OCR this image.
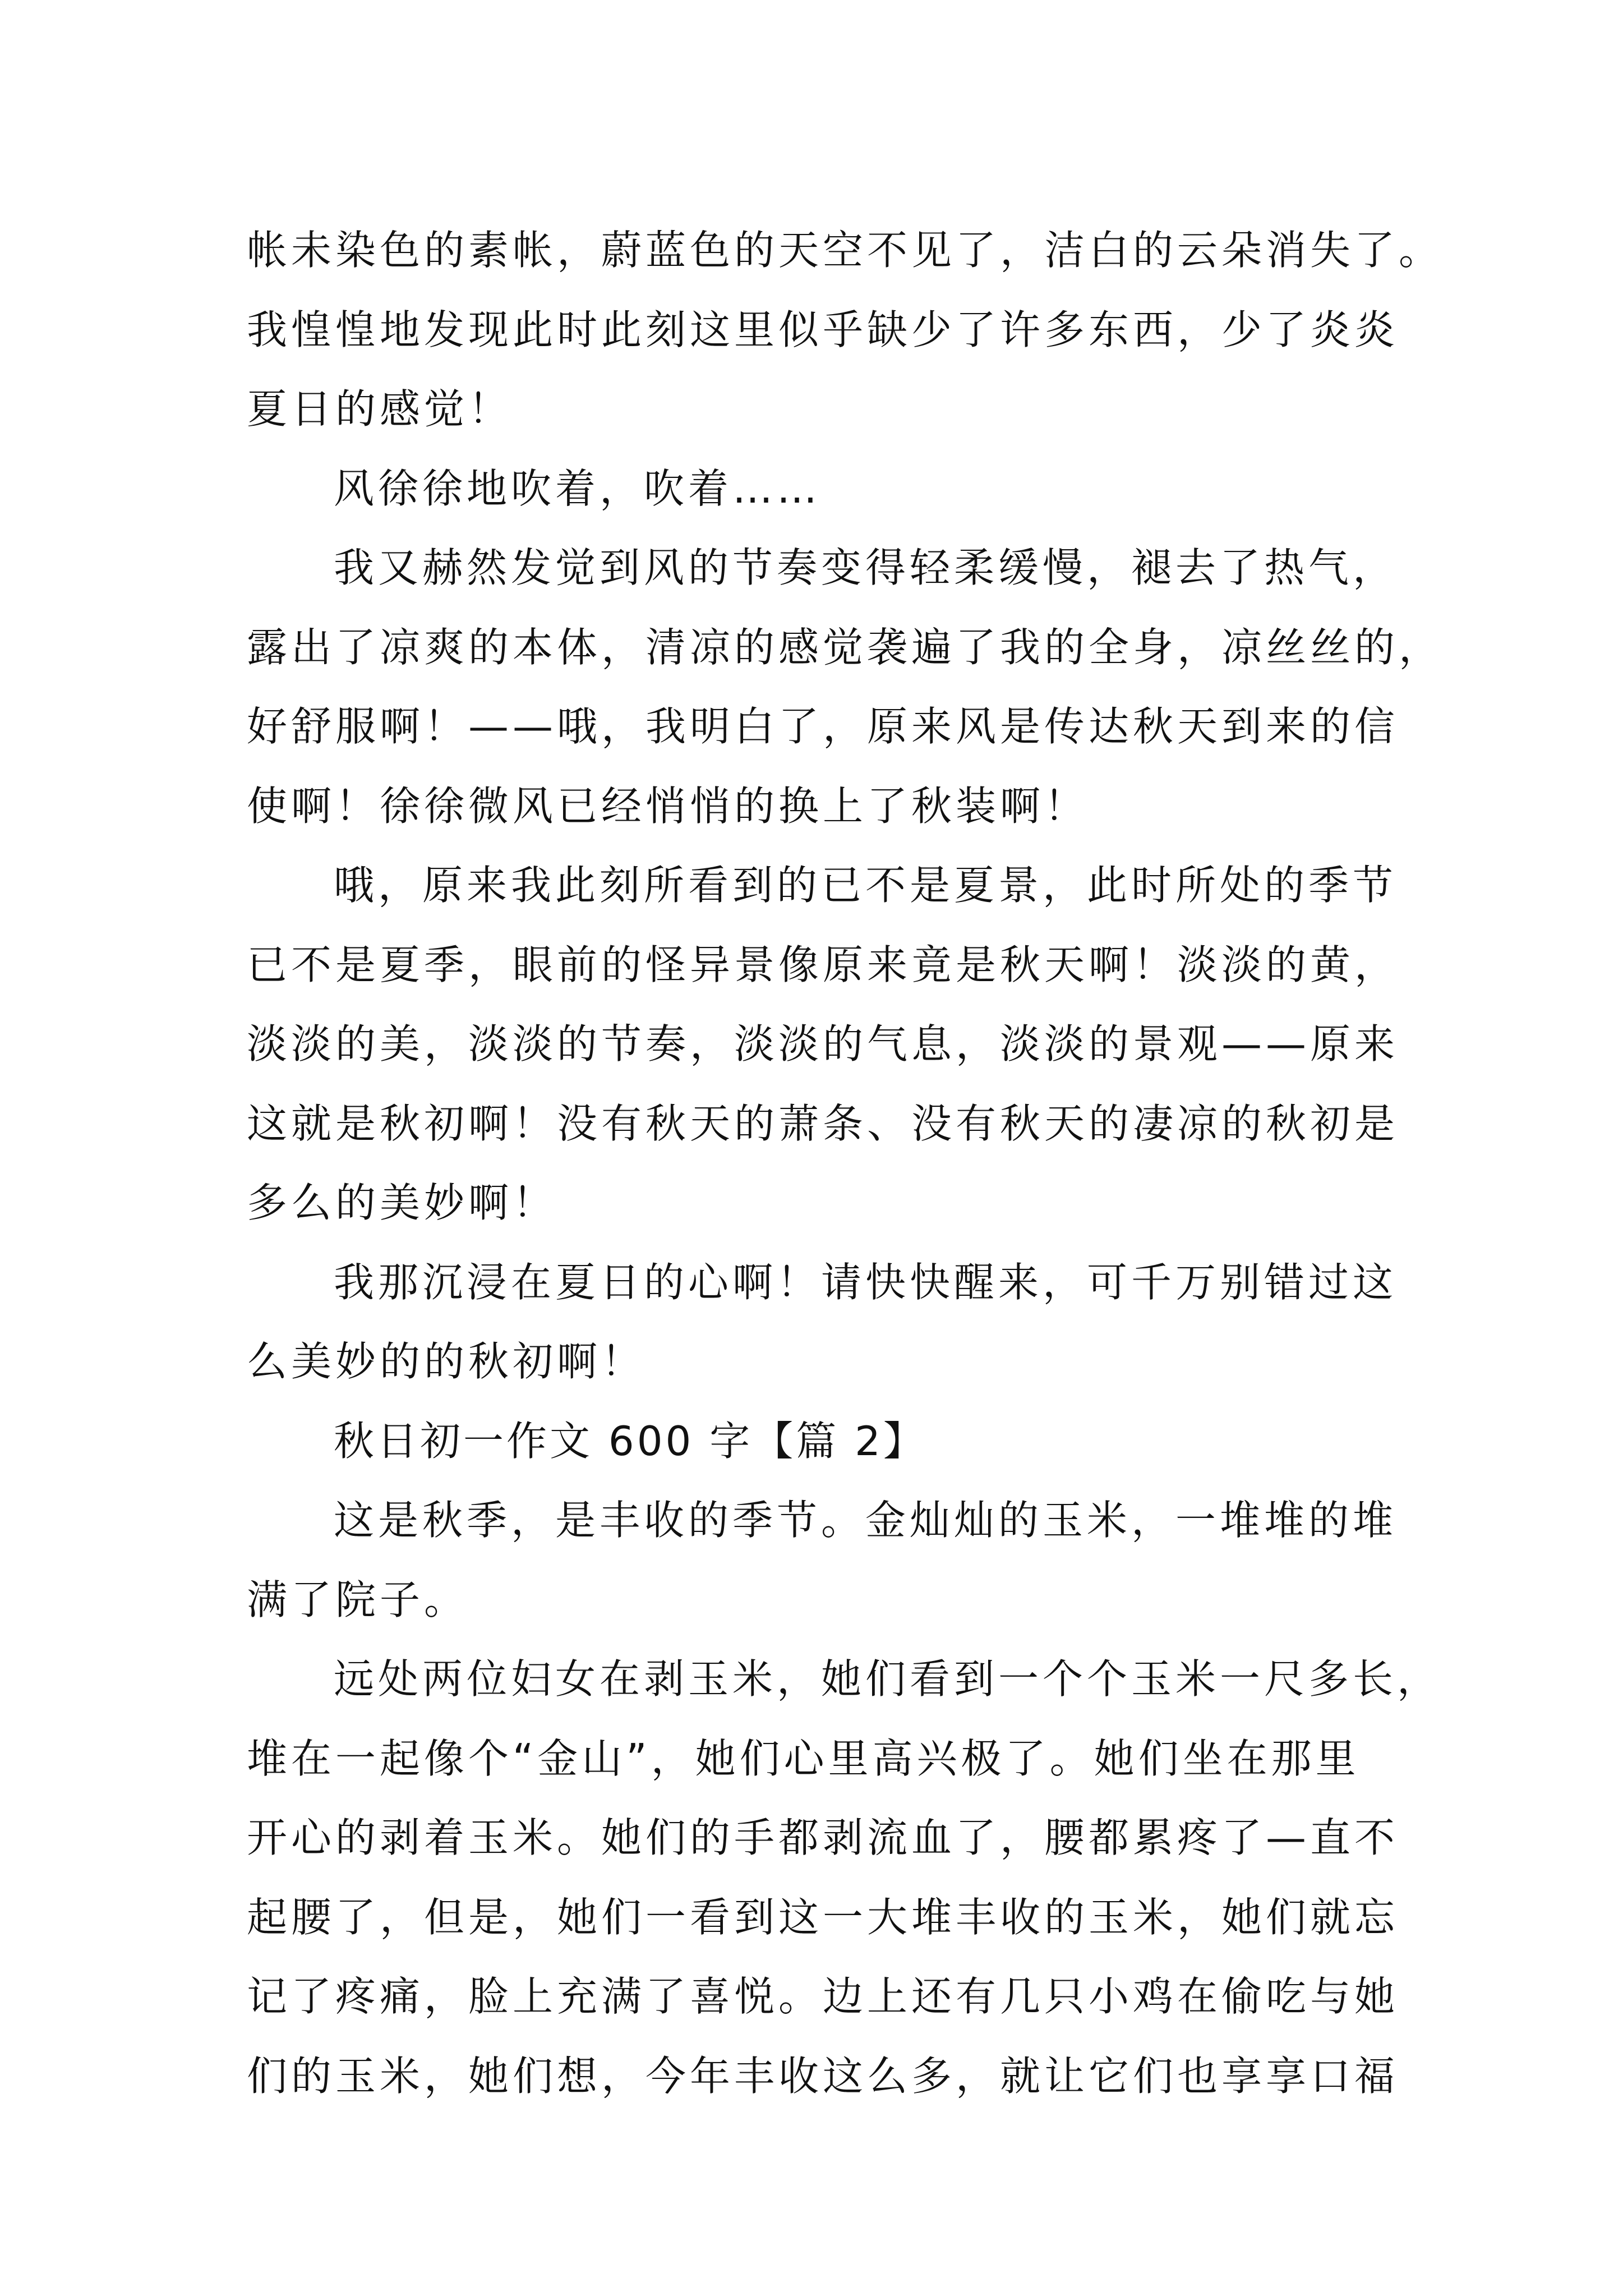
帐未染色的素帐，蔚蓝色的天空不见了，洁白的云朵消失了。
我惶惶地发现此时此刻这里似乎缺少了许多东西，少了炎炎
夏日的感觉！
风徐徐地吹着，吹着……
我又赫然发觉到风的节奏变得轻柔缓慢，褪去了热气，
露出了凉爽的本体，清凉的感觉袭遍了我的全身，凉丝丝的，
好舒服啊！——哦，我明白了，原来风是传达秋天到来的信
使啊！徐徐微风已经悄悄的换上了秋装啊！
哦，原来我此刻所看到的已不是夏景，此时所处的季节
已不是夏季，眼前的怪异景像原来竟是秋天啊！淡淡的黄，
淡淡的美，淡淡的节奏，淡淡的气息，淡淡的景观——原来
这就是秋初啊！没有秋天的萧条、没有秋天的凄凉的秋初是
多么的美妙啊！
我那沉浸在夏日的心啊！请快快醒来，可千万别错过这
么美妙的的秋初啊！
秋日初一作文 600 字【篇 2】
这是秋季，是丰收的季节。金灿灿的玉米，一堆堆的堆
满了院子。
远处两位妇女在剥玉米，她们看到一个个玉米一尺多长，
堆在一起像个“金山”，她们心里高兴极了。她们坐在那里
开心的剥着玉米。她们的手都剥流血了，腰都累疼了—直不
起腰了，但是，她们一看到这一大堆丰收的玉米，她们就忘
记了疼痛，脸上充满了喜悦。边上还有几只小鸡在偷吃与她
们的玉米，她们想，今年丰收这么多，就让它们也享享口福
